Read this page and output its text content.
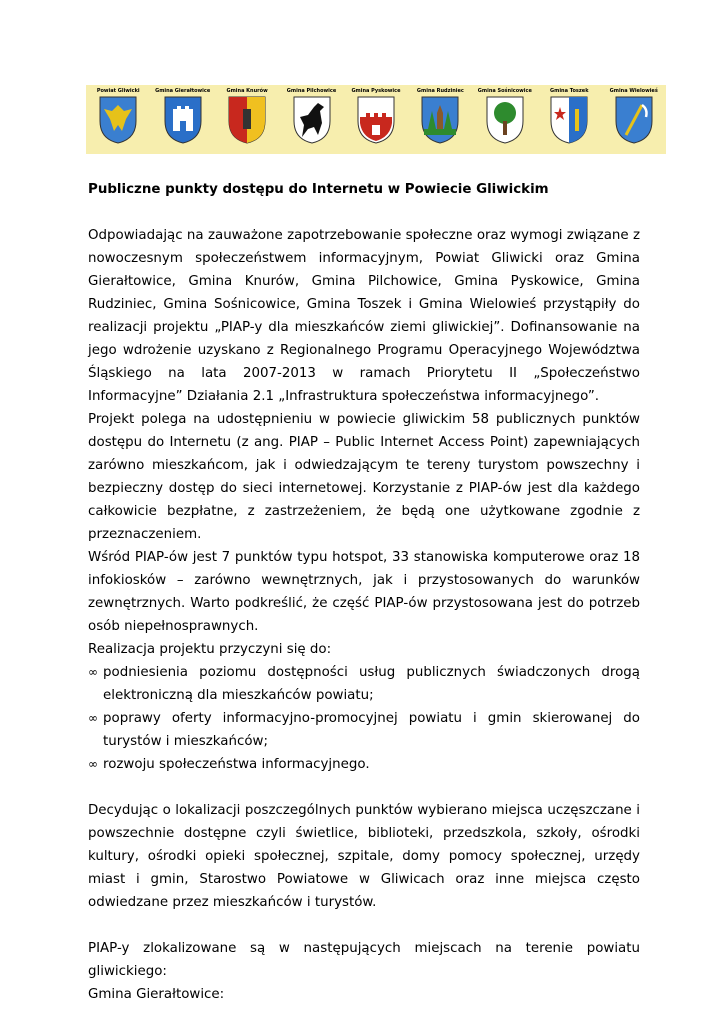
Powiat Gliwicki	Gmina Gierałtowice	Gmina Knurów	Gmina Pilchowice	Gmina Pyskowice	Gmina Rudziniec	Gmina Sośnicowice	Gmina Toszek	Gmina Wielowieś

Publiczne punkty dostępu do Internetu w Powiecie Gliwickim

Odpowiadając na zauważone zapotrzebowanie społeczne oraz wymogi związane z nowoczesnym społeczeństwem informacyjnym, Powiat Gliwicki oraz Gmina Gierałtowice, Gmina Knurów, Gmina Pilchowice, Gmina Pyskowice, Gmina Rudziniec, Gmina Sośnicowice, Gmina Toszek i Gmina Wielowieś przystąpiły do realizacji projektu „PIAP-y dla mieszkańców ziemi gliwickiej”. Dofinansowanie na jego wdrożenie uzyskano z Regionalnego Programu Operacyjnego Województwa Śląskiego na lata 2007-2013 w ramach Priorytetu II „Społeczeństwo Informacyjne” Działania 2.1 „Infrastruktura społeczeństwa informacyjnego”.

Projekt polega na udostępnieniu w powiecie gliwickim 58 publicznych punktów dostępu do Internetu (z ang. PIAP – Public Internet Access Point) zapewniających zarówno mieszkańcom, jak i odwiedzającym te tereny turystom powszechny i bezpieczny dostęp do sieci internetowej. Korzystanie z PIAP-ów jest dla każdego całkowicie bezpłatne, z zastrzeżeniem, że będą one użytkowane zgodnie z przeznaczeniem.

Wśród PIAP-ów jest 7 punktów typu hotspot, 33 stanowiska komputerowe oraz 18 infokiosków – zarówno wewnętrznych, jak i przystosowanych do warunków zewnętrznych. Warto podkreślić, że część PIAP-ów przystosowana jest do potrzeb osób niepełnosprawnych.

Realizacja projektu przyczyni się do:

∞ podniesienia poziomu dostępności usług publicznych świadczonych drogą elektroniczną dla mieszkańców powiatu;
∞ poprawy oferty informacyjno-promocyjnej powiatu i gmin skierowanej do turystów i mieszkańców;
∞ rozwoju społeczeństwa informacyjnego.

Decydując o lokalizacji poszczególnych punktów wybierano miejsca uczęszczane i powszechnie dostępne czyli świetlice, biblioteki, przedszkola, szkoły, ośrodki kultury, ośrodki opieki społecznej, szpitale, domy pomocy społecznej, urzędy miast i gmin, Starostwo Powiatowe w Gliwicach oraz inne miejsca często odwiedzane przez mieszkańców i turystów.

PIAP-y zlokalizowane są w następujących miejscach na terenie powiatu gliwickiego:

Gmina Gierałtowice:
